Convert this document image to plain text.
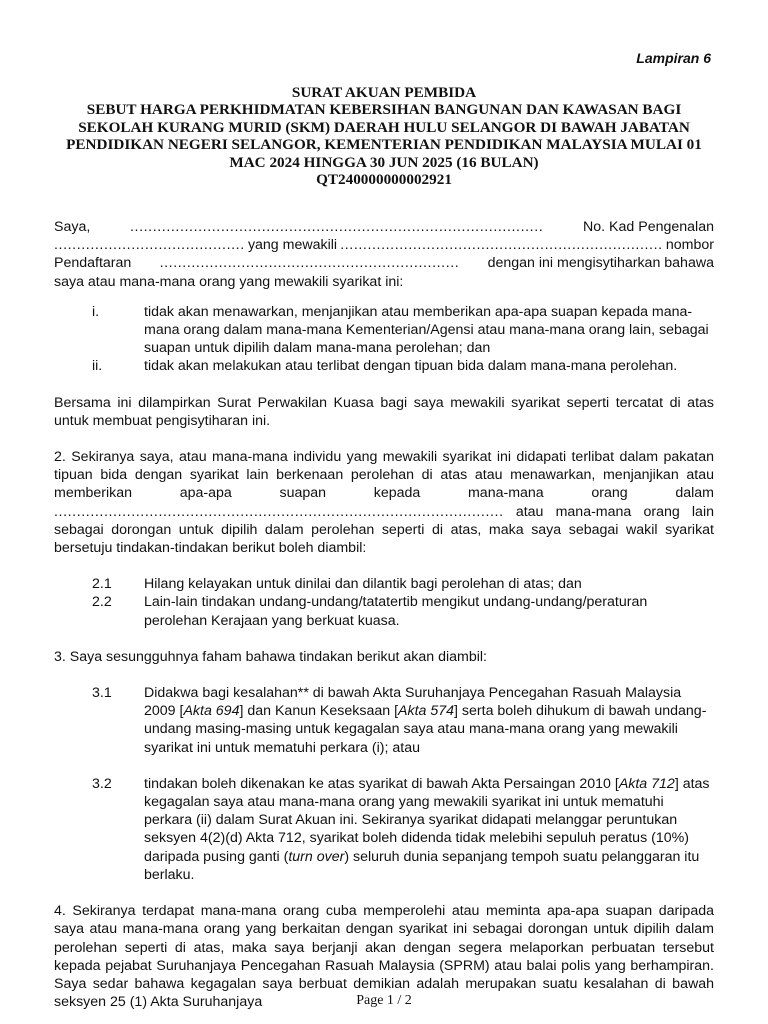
Lampiran 6
SURAT AKUAN PEMBIDA
SEBUT HARGA PERKHIDMATAN KEBERSIHAN BANGUNAN DAN KAWASAN BAGI
SEKOLAH KURANG MURID (SKM) DAERAH HULU SELANGOR DI BAWAH JABATAN
PENDIDIKAN NEGERI SELANGOR, KEMENTERIAN PENDIDIKAN MALAYSIA MULAI 01
MAC 2024 HINGGA 30 JUN 2025 (16 BULAN)
QT240000000002921
Saya,	...........................................................................................	No. Kad Pengenalan
.......................................... yang mewakili ....................................................................... nombor
Pendaftaran .................................................................. dengan ini mengisytiharkan bahawa
saya atau mana-mana orang yang mewakili syarikat ini:
i.	tidak akan menawarkan, menjanjikan atau memberikan apa-apa suapan kepada mana-mana orang dalam mana-mana Kementerian/Agensi atau mana-mana orang lain, sebagai suapan untuk dipilih dalam mana-mana perolehan; dan
ii.	tidak akan melakukan atau terlibat dengan tipuan bida dalam mana-mana perolehan.

Bersama ini dilampirkan Surat Perwakilan Kuasa bagi saya mewakili syarikat seperti tercatat di atas untuk membuat pengisytiharan ini.

2. Sekiranya saya, atau mana-mana individu yang mewakili syarikat ini didapati terlibat dalam pakatan tipuan bida dengan syarikat lain berkenaan perolehan di atas atau menawarkan, menjanjikan atau memberikan apa-apa suapan kepada mana-mana orang dalam ................................................................................................... atau mana-mana orang lain sebagai dorongan untuk dipilih dalam perolehan seperti di atas, maka saya sebagai wakil syarikat bersetuju tindakan-tindakan berikut boleh diambil:

2.1	Hilang kelayakan untuk dinilai dan dilantik bagi perolehan di atas; dan
2.2	Lain-lain tindakan undang-undang/tatatertib mengikut undang-undang/peraturan perolehan Kerajaan yang berkuat kuasa.

3. Saya sesungguhnya faham bahawa tindakan berikut akan diambil:

3.1	Didakwa bagi kesalahan** di bawah Akta Suruhanjaya Pencegahan Rasuah Malaysia 2009 [Akta 694] dan Kanun Keseksaan [Akta 574] serta boleh dihukum di bawah undang-undang masing-masing untuk kegagalan saya atau mana-mana orang yang mewakili syarikat ini untuk mematuhi perkara (i); atau
3.2	tindakan boleh dikenakan ke atas syarikat di bawah Akta Persaingan 2010 [Akta 712] atas kegagalan saya atau mana-mana orang yang mewakili syarikat ini untuk mematuhi perkara (ii) dalam Surat Akuan ini. Sekiranya syarikat didapati melanggar peruntukan seksyen 4(2)(d) Akta 712, syarikat boleh didenda tidak melebihi sepuluh peratus (10%) daripada pusing ganti (turn over) seluruh dunia sepanjang tempoh suatu pelanggaran itu berlaku.

4. Sekiranya terdapat mana-mana orang cuba memperolehi atau meminta apa-apa suapan daripada saya atau mana-mana orang yang berkaitan dengan syarikat ini sebagai dorongan untuk dipilih dalam perolehan seperti di atas, maka saya berjanji akan dengan segera melaporkan perbuatan tersebut kepada pejabat Suruhanjaya Pencegahan Rasuah Malaysia (SPRM) atau balai polis yang berhampiran. Saya sedar bahawa kegagalan saya berbuat demikian adalah merupakan suatu kesalahan di bawah seksyen 25 (1) Akta Suruhanjaya	Page 1 / 2
